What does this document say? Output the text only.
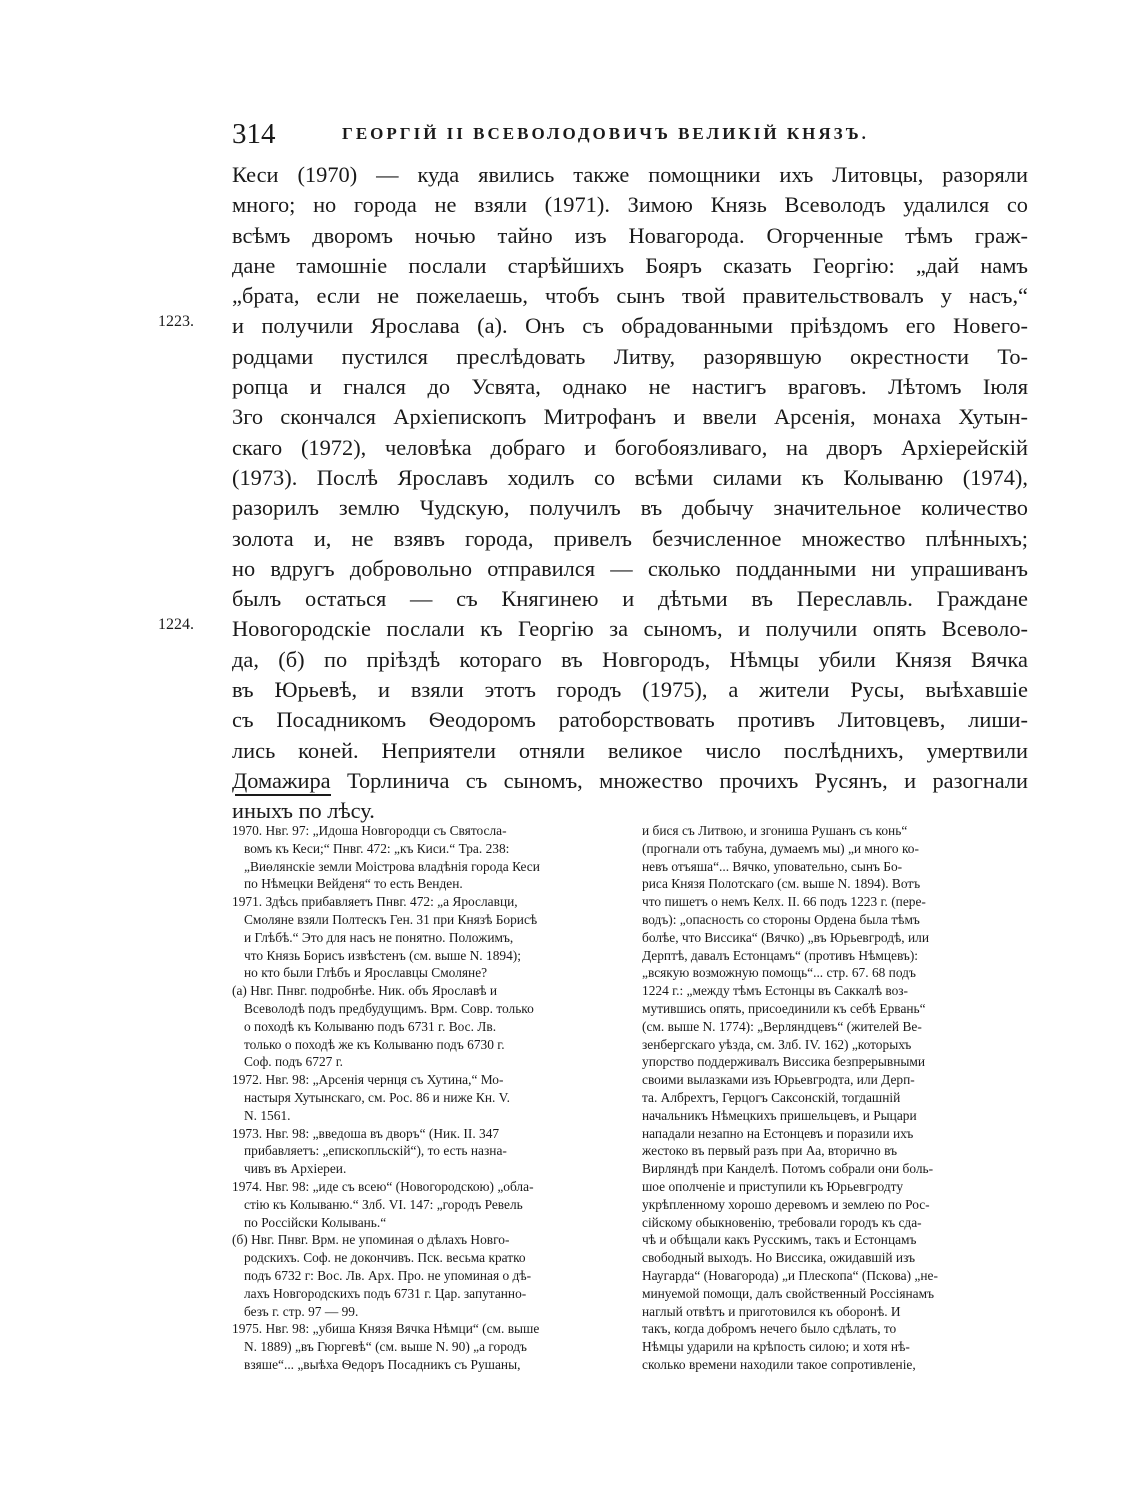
314	ГЕОРГІЙ II ВСЕВОЛОДОВИЧЪ ВЕЛИКІЙ КНЯЗЪ.
1223.
1224.
Кеси (1970) — куда явились также помощники ихъ Литовцы, разоряли
много; но города не взяли (1971). Зимою Князь Всеволодъ удалился со
всѣмъ дворомъ ночью тайно изъ Новагорода. Огорченные тѣмъ граж-
дане тамошніе послали старѣйшихъ Бояръ сказать Георгію: „дай намъ
„брата, если не пожелаешь, чтобъ сынъ твой правительствовалъ у насъ,“
и получили Ярослава (а). Онъ съ обрадованными пріѣздомъ его Новего-
родцами пустился преслѣдовать Литву, разорявшую окрестности То-
ропца и гнался до Усвята, однако не настигъ враговъ. Лѣтомъ Іюля
3го скончался Архіепископъ Митрофанъ и ввели Арсенія, монаха Хутын-
скаго (1972), человѣка добраго и богобоязливаго, на дворъ Архіерейскій
(1973). Послѣ Ярославъ ходилъ со всѣми силами къ Колываню (1974),
разорилъ землю Чудскую, получилъ въ добычу значительное количество
золота и, не взявъ города, привелъ безчисленное множество плѣнныхъ;
но вдругъ добровольно отправился — сколько подданными ни упрашиванъ
былъ остаться — съ Княгинею и дѣтьми въ Переславль. Граждане
Новогородскіе послали къ Георгію за сыномъ, и получили опять Всеволо-
да, (б) по пріѣздѣ котораго въ Новгородъ, Нѣмцы убили Князя Вячка
въ Юрьевѣ, и взяли этотъ городъ (1975), а жители Русы, выѣхавшіе
съ Посадникомъ Ѳеодоромъ ратоборствовать противъ Литовцевъ, лиши-
лись коней. Неприятели отняли великое число послѣднихъ, умертвили
Домажира Торлинича съ сыномъ, множество прочихъ Русянъ, и разогнали
иныхъ по лѣсу.
1970. Нвг. 97: „Идоша Новгородци съ Святосла-
вомъ къ Кеси;“ Пнвг. 472: „къ Киси.“ Тра. 238:
„Виѳлянскіе земли Моістрова владѣнія города Кеси
по Нѣмецки Вейденя“ то есть Венден.
1971. Здѣсь прибавляетъ Пнвг. 472: „а Ярославци,
Смоляне взяли Полтескъ Ген. 31 при Князѣ Борисѣ
и Глѣбѣ.“ Это для насъ не понятно. Положимъ,
что Князь Борисъ извѣстенъ (см. выше N. 1894);
но кто были Глѣбъ и Ярославцы Смоляне?
(а) Нвг. Пнвг. подробнѣе. Ник. объ Ярославѣ и
Всеволодѣ подъ предбудущимъ. Врм. Совр. только
о походѣ къ Колываню подъ 6731 г. Вос. Лв.
только о походѣ же къ Колываню подъ 6730 г.
Соф. подъ 6727 г.
1972. Нвг. 98: „Арсенія чернця съ Хутина,“ Мо-
настыря Хутынскаго, см. Рос. 86 и ниже Кн. V.
N. 1561.
1973. Нвг. 98: „введоша въ дворъ“ (Ник. II. 347
прибавляетъ: „епископльскій“), то есть назна-
чивъ въ Архіереи.
1974. Нвг. 98: „иде съ всею“ (Новогородскою) „обла-
стію къ Колываню.“ Злб. VI. 147: „городъ Ревель
по Россійски Колывань.“
(б) Нвг. Пнвг. Врм. не упоминая о дѣлахъ Новго-
родскихъ. Соф. не докончивъ. Пск. весьма кратко
подъ 6732 г: Вос. Лв. Арх. Про. не упоминая о дѣ-
лахъ Новгородскихъ подъ 6731 г. Цар. запутанно-
безъ г. стр. 97 — 99.
1975. Нвг. 98: „убиша Князя Вячка Нѣмци“ (см. выше
N. 1889) „въ Гюргевѣ“ (см. выше N. 90) „а городъ
взяше“... „выѣха Ѳедоръ Посадникъ съ Рушаны,
и бися съ Литвою, и згониша Рушанъ съ конь“
(прогнали отъ табуна, думаемъ мы) „и много ко-
невъ отъяша“... Вячко, уповательно, сынъ Бо-
риса Князя Полотскаго (см. выше N. 1894). Вотъ
что пишетъ о немъ Келх. II. 66 подъ 1223 г. (пере-
водъ): „опасность со стороны Ордена была тѣмъ
болѣе, что Виссика“ (Вячко) „въ Юрьевгродѣ, или
Дерптѣ, давалъ Естонцамъ“ (противъ Нѣмцевъ):
„всякую возможную помощь“... стр. 67. 68 подъ
1224 г.: „между тѣмъ Естонцы въ Саккалѣ воз-
мутившись опять, присоединили къ себѣ Ервань“
(см. выше N. 1774): „Верляндцевъ“ (жителей Ве-
зенбергскаго уѣзда, см. Злб. IV. 162) „которыхъ
упорство поддерживалъ Виссика безпрерывными
своими вылазками изъ Юрьевгродта, или Дерп-
та. Албрехтъ, Герцогъ Саксонскій, тогдашній
начальникъ Нѣмецкихъ пришельцевъ, и Рыцари
нападали незапно на Естонцевъ и поразили ихъ
жестоко въ первый разъ при Аа, вторично въ
Вирляндѣ при Канделѣ. Потомъ собрали они боль-
шое ополченіе и приступили къ Юрьевгродту
укрѣпленному хорошо деревомъ и землею по Рос-
сійскому обыкновенію, требовали городъ къ сда-
чѣ и обѣщали какъ Русскимъ, такъ и Естонцамъ
свободный выходъ. Но Виссика, ожидавшій изъ
Наугарда“ (Новагорода) „и Плескопа“ (Пскова) „не-
минуемой помощи, далъ свойственный Россіянамъ
наглый отвѣтъ и приготовился къ оборонѣ. И
такъ, когда добромъ нечего было сдѣлать, то
Нѣмцы ударили на крѣпость силою; и хотя нѣ-
сколько времени находили такое сопротивленіе,
